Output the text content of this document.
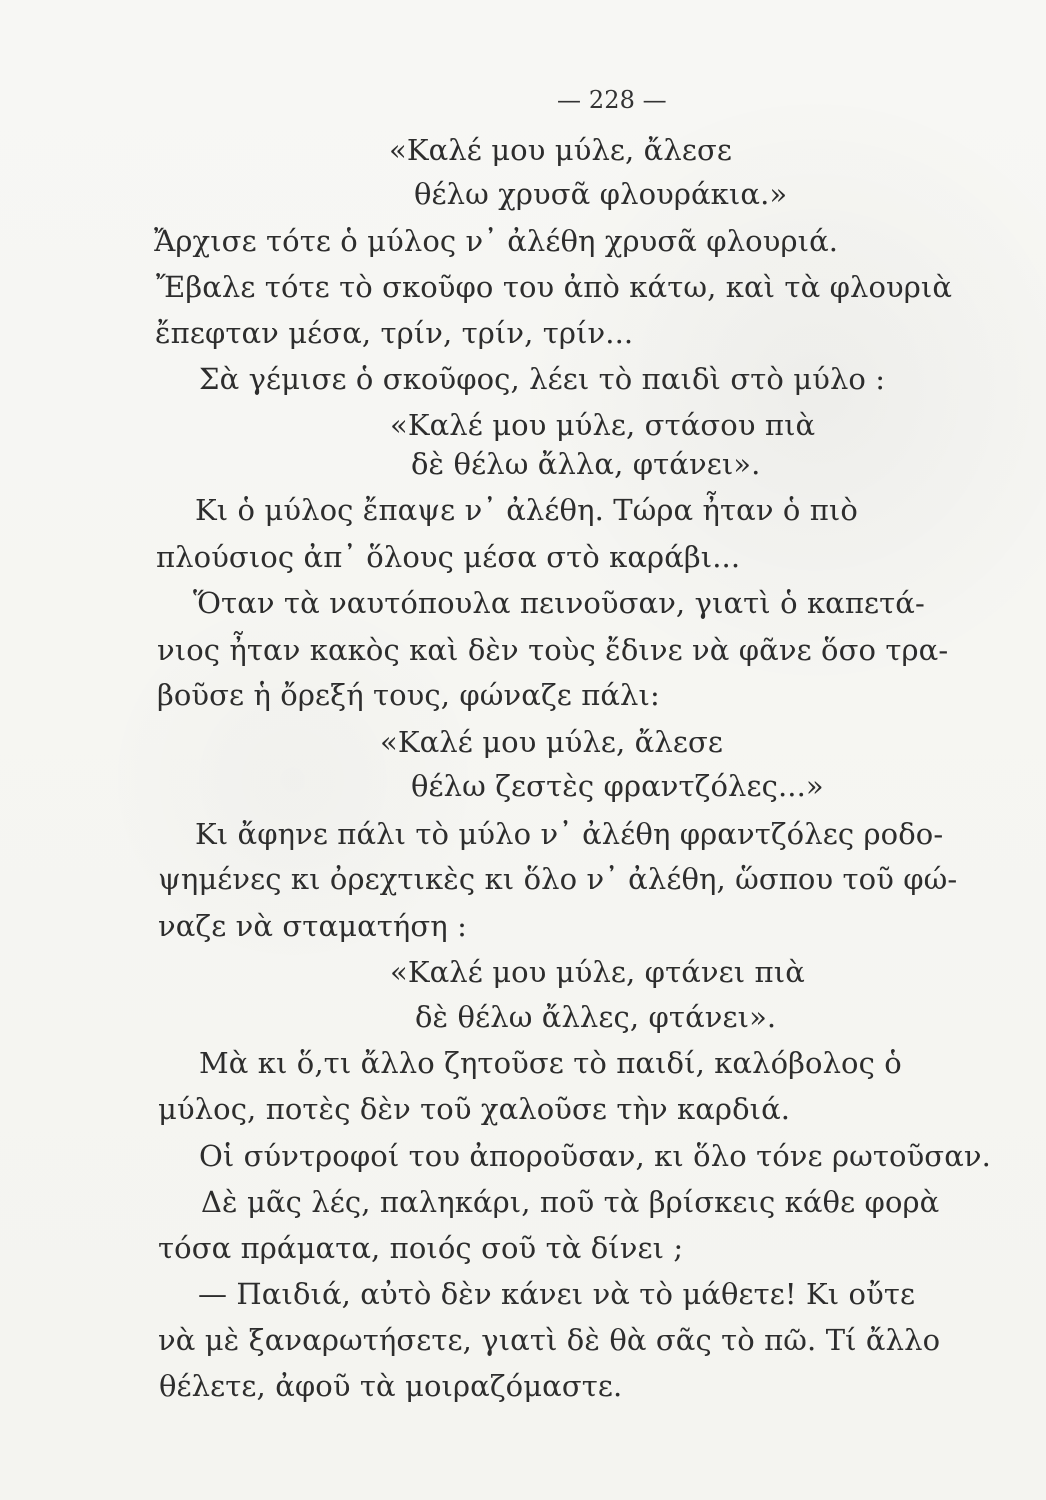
— 228 —
«Καλέ μου μύλε, ἄλεσε
θέλω χρυσᾶ φλουράκια.»
Ἄρχισε τότε ὁ μύλος ν᾿ ἀλέθη χρυσᾶ φλουριά.
Ἔβαλε τότε τὸ σκοῦφο του ἀπὸ κάτω, καὶ τὰ φλουριὰ
ἔπεφταν μέσα, τρίν, τρίν, τρίν...
Σὰ γέμισε ὁ σκοῦφος, λέει τὸ παιδὶ στὸ μύλο :
«Καλέ μου μύλε, στάσου πιὰ
δὲ θέλω ἄλλα, φτάνει».
Κι ὁ μύλος ἔπαψε ν᾿ ἀλέθη. Τώρα ἦταν ὁ πιὸ
πλούσιος ἀπ᾿ ὅλους μέσα στὸ καράβι...
Ὅταν τὰ ναυτόπουλα πεινοῦσαν, γιατὶ ὁ καπετά-
νιος ἦταν κακὸς καὶ δὲν τοὺς ἔδινε νὰ φᾶνε ὅσο τρα-
βοῦσε ἡ ὄρεξή τους, φώναζε πάλι:
«Καλέ μου μύλε, ἄλεσε
θέλω ζεστὲς φραντζόλες...»
Κι ἄφηνε πάλι τὸ μύλο ν᾿ ἀλέθη φραντζόλες ροδο-
ψημένες κι ὀρεχτικὲς κι ὅλο ν᾿ ἀλέθη, ὥσπου τοῦ φώ-
ναζε νὰ σταματήση :
«Καλέ μου μύλε, φτάνει πιὰ
δὲ θέλω ἄλλες, φτάνει».
Μὰ κι ὅ,τι ἄλλο ζητοῦσε τὸ παιδί, καλόβολος ὁ
μύλος, ποτὲς δὲν τοῦ χαλοῦσε τὴν καρδιά.
Οἱ σύντροφοί του ἀποροῦσαν, κι ὅλο τόνε ρωτοῦσαν.
Δὲ μᾶς λές, παληκάρι, ποῦ τὰ βρίσκεις κάθε φορὰ
τόσα πράματα, ποιός σοῦ τὰ δίνει ;
— Παιδιά, αὐτὸ δὲν κάνει νὰ τὸ μάθετε! Κι οὔτε
νὰ μὲ ξαναρωτήσετε, γιατὶ δὲ θὰ σᾶς τὸ πῶ. Τί ἄλλο
θέλετε, ἀφοῦ τὰ μοιραζόμαστε.
